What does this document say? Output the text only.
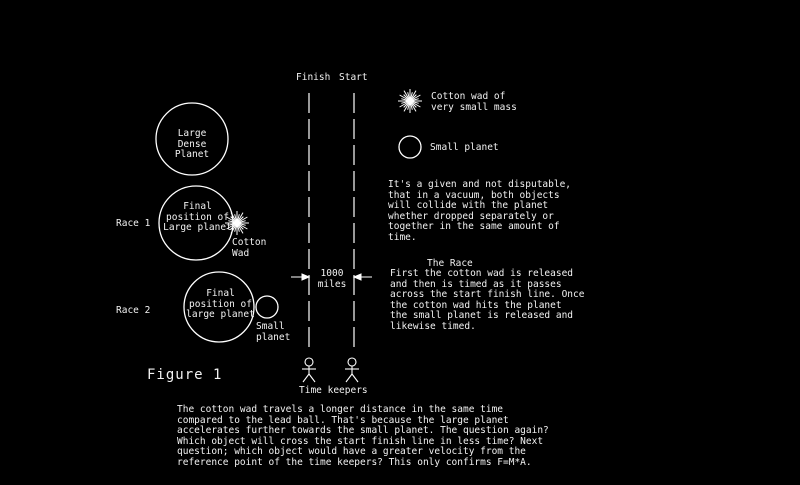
Finish Start
Large
Dense
Planet
Cotton wad of
very small mass
Small planet
Race 1
Final
position of
Large planet
Cotton
Wad
Race 2
Final
position of
large planet
Small
planet
1000
miles
It's a given and not disputable,
that in a vacuum, both objects
will collide with the planet
whether dropped separately or
together in the same amount of
time.
The Race
First the cotton wad is released
and then is timed as it passes
across the start finish line. Once
the cotton wad hits the planet
the small planet is released and
likewise timed.
Figure 1
Time keepers
The cotton wad travels a longer distance in the same time
compared to the lead ball. That's because the large planet
accelerates further towards the small planet. The question again?
Which object will cross the start finish line in less time? Next
question; which object would have a greater velocity from the
reference point of the time keepers? This only confirms F=M*A.
